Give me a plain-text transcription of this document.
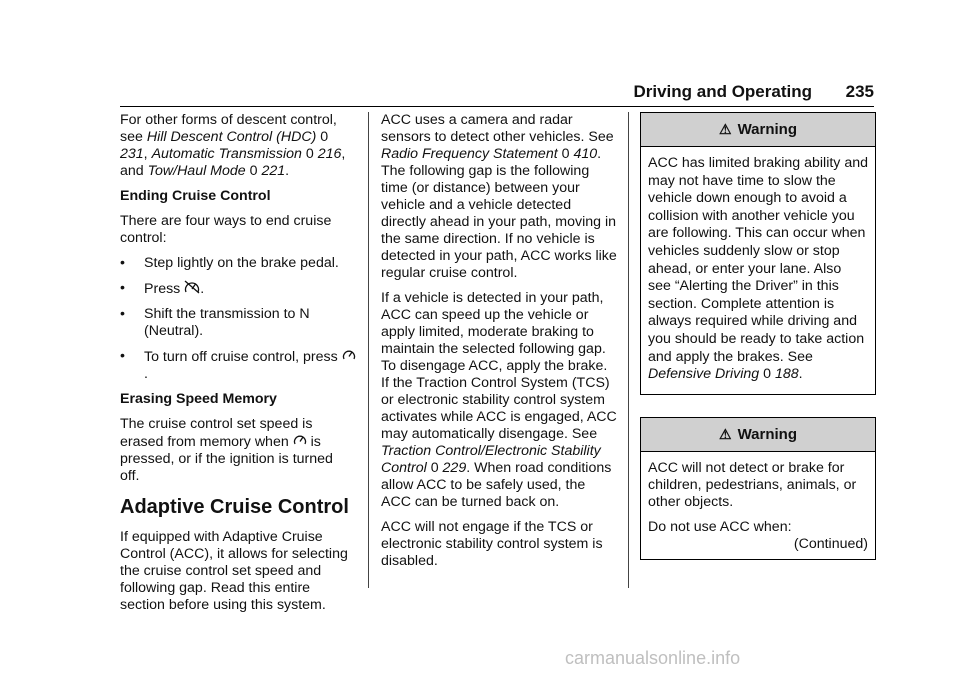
Driving and Operating 235

For other forms of descent control, see Hill Descent Control (HDC) 0 231, Automatic Transmission 0 216, and Tow/Haul Mode 0 221.

Ending Cruise Control

There are four ways to end cruise control:

•	Step lightly on the brake pedal.
•	Press .
•	Shift the transmission to N (Neutral).
•	To turn off cruise control, press .

Erasing Speed Memory

The cruise control set speed is erased from memory when is pressed, or if the ignition is turned off.

Adaptive Cruise Control

If equipped with Adaptive Cruise Control (ACC), it allows for selecting the cruise control set speed and following gap. Read this entire section before using this system.

ACC uses a camera and radar sensors to detect other vehicles. See Radio Frequency Statement 0 410. The following gap is the following time (or distance) between your vehicle and a vehicle detected directly ahead in your path, moving in the same direction. If no vehicle is detected in your path, ACC works like regular cruise control.

If a vehicle is detected in your path, ACC can speed up the vehicle or apply limited, moderate braking to maintain the selected following gap. To disengage ACC, apply the brake. If the Traction Control System (TCS) or electronic stability control system activates while ACC is engaged, ACC may automatically disengage. See Traction Control/Electronic Stability Control 0 229. When road conditions allow ACC to be safely used, the ACC can be turned back on.

ACC will not engage if the TCS or electronic stability control system is disabled.

⚠ Warning

ACC has limited braking ability and may not have time to slow the vehicle down enough to avoid a collision with another vehicle you are following. This can occur when vehicles suddenly slow or stop ahead, or enter your lane. Also see “Alerting the Driver” in this section. Complete attention is always required while driving and you should be ready to take action and apply the brakes. See Defensive Driving 0 188.

⚠ Warning

ACC will not detect or brake for children, pedestrians, animals, or other objects.

Do not use ACC when:

(Continued)

carmanualsonline.info
